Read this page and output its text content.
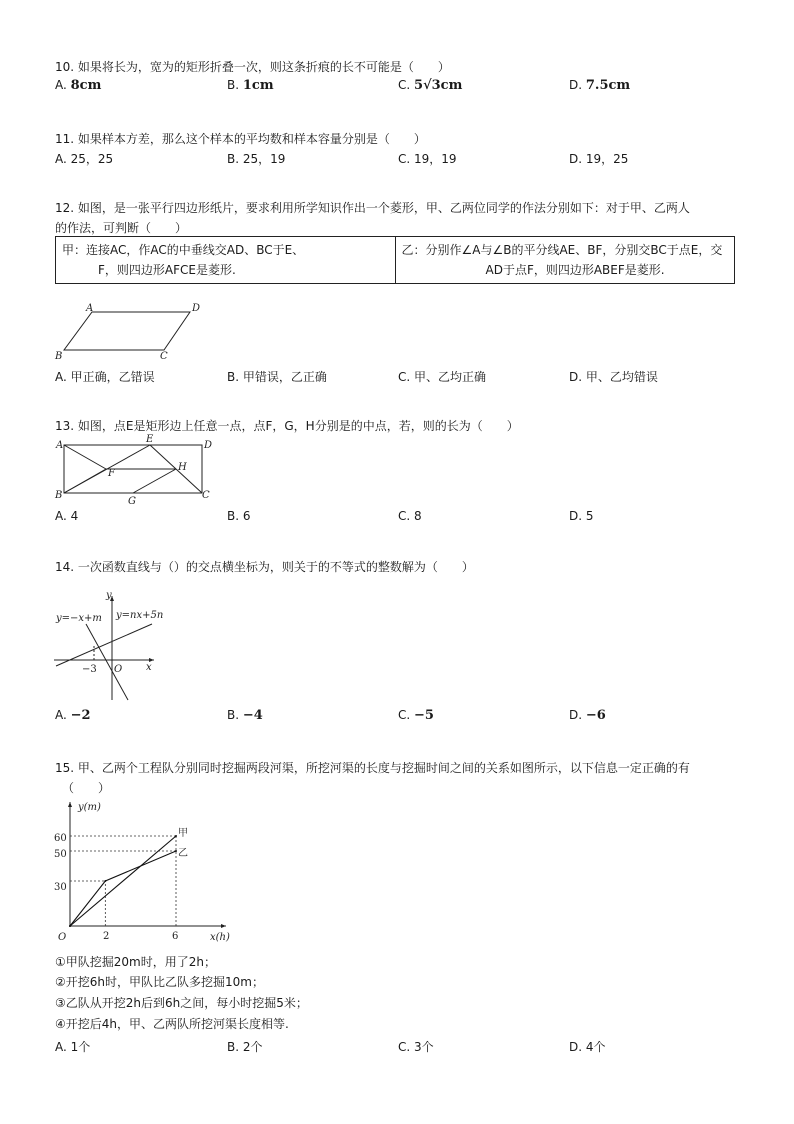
10. 如果将长为，宽为的矩形折叠一次，则这条折痕的长不可能是（　　）
A. 8cm	B. 1cm	C. 5√3cm	D. 7.5cm
11. 如果样本方差，那么这个样本的平均数和样本容量分别是（　　）
A. 25，25	B. 25，19	C. 19，19	D. 19，25
12. 如图，是一张平行四边形纸片，要求利用所学知识作出一个菱形，甲、乙两位同学的作法分别如下：对于甲、乙两人
的作法，可判断（　　）
甲：连接AC，作AC的中垂线交AD、BC于E、
F，则四边形AFCE是菱形.

乙：分别作∠A与∠B的平分线AE、BF，分别交BC于点E，交
AD于点F，则四边形ABEF是菱形.
A	D
B	C
A. 甲正确，乙错误	B. 甲错误，乙正确	C. 甲、乙均正确	D. 甲、乙均错误
13. 如图，点E是矩形边上任意一点，点F，G，H分别是的中点，若，则的长为（　　）
A
E
D
F
H
B
G
C
A. 4	B. 6	C. 8	D. 5
14. 一次函数直线与（）的交点横坐标为，则关于的不等式的整数解为（　　）
y
x
O
−3
y=−x+m y=nx+5n
A. −2	B. −4	C. −5	D. −6
15. 甲、乙两个工程队分别同时挖掘两段河渠，所挖河渠的长度与挖掘时间之间的关系如图所示，以下信息一定正确的有
（　　）
y(m)
x(h)
O
60
50
30
2	6
甲
乙
①甲队挖掘20m时，用了2h；
②开挖6h时，甲队比乙队多挖掘10m；
③乙队从开挖2h后到6h之间，每小时挖掘5米；
④开挖后4h，甲、乙两队所挖河渠长度相等.
A. 1个	B. 2个	C. 3个	D. 4个
